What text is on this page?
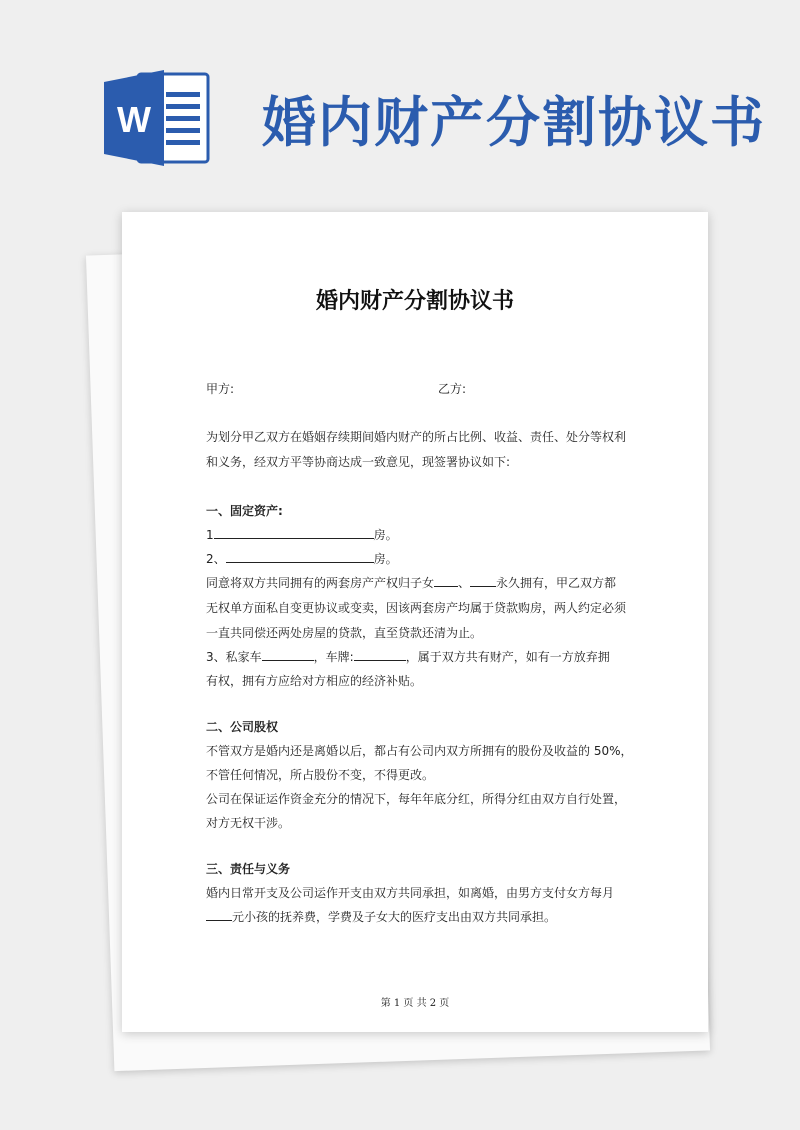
W 婚内财产分割协议书
婚内财产分割协议书
甲方:	乙方:
为划分甲乙双方在婚姻存续期间婚内财产的所占比例、收益、责任、处分等权利
和义务，经双方平等协商达成一致意见，现签署协议如下:
一、固定资产:
1	房。
2、	房。
同意将双方共同拥有的两套房产产权归子女 、 永久拥有，甲乙双方都
无权单方面私自变更协议或变卖，因该两套房产均属于贷款购房，两人约定必须
一直共同偿还两处房屋的贷款，直至贷款还清为止。
3、私家车	，车牌:	，属于双方共有财产，如有一方放弃拥
有权，拥有方应给对方相应的经济补贴。
二、公司股权
不管双方是婚内还是离婚以后，都占有公司内双方所拥有的股份及收益的 50%，
不管任何情况，所占股份不变，不得更改。
公司在保证运作资金充分的情况下，每年年底分红，所得分红由双方自行处置，
对方无权干涉。
三、责任与义务
婚内日常开支及公司运作开支由双方共同承担，如离婚，由男方支付女方每月
元小孩的抚养费，学费及子女大的医疗支出由双方共同承担。
第 1 页 共 2 页
